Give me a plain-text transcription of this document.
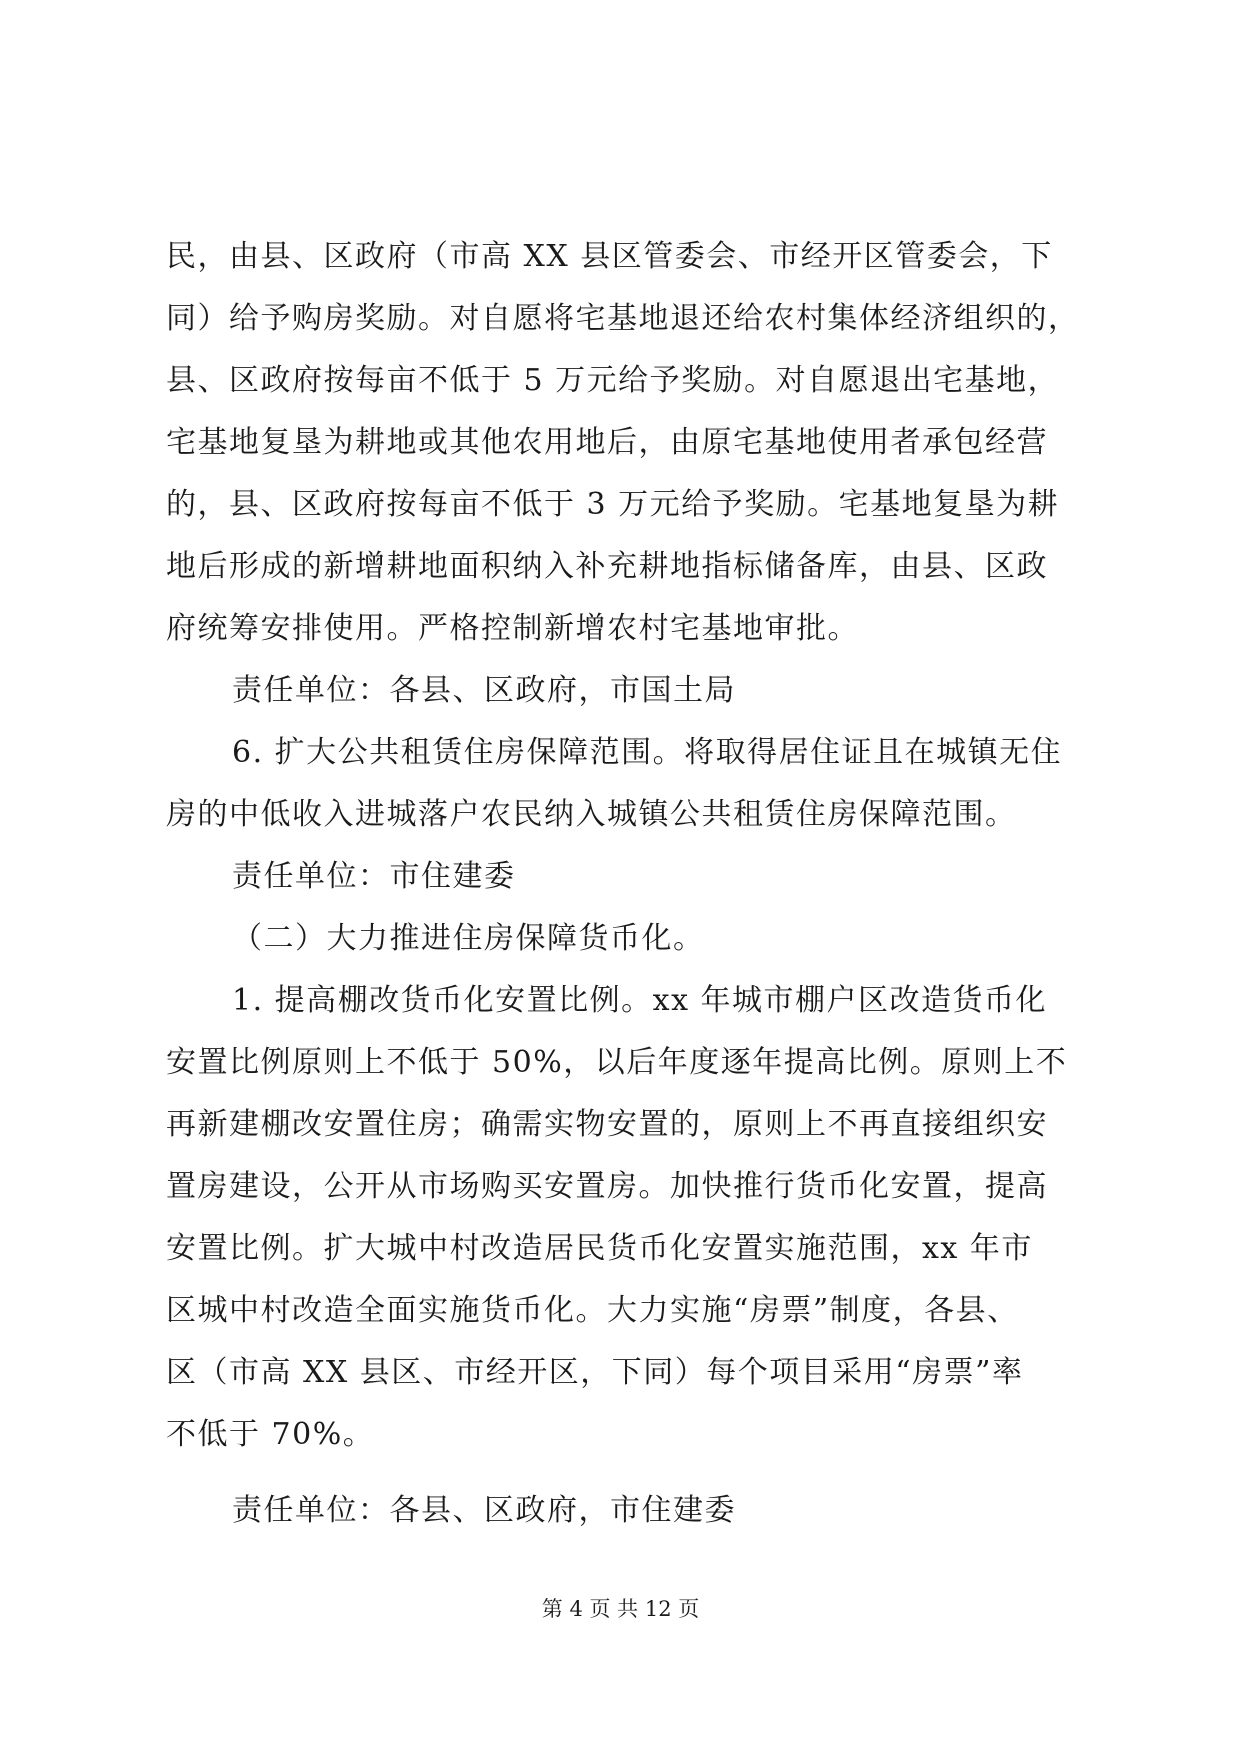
民，由县、区政府（市高 XX 县区管委会、市经开区管委会，下
同）给予购房奖励。对自愿将宅基地退还给农村集体经济组织的，
县、区政府按每亩不低于 5 万元给予奖励。对自愿退出宅基地，
宅基地复垦为耕地或其他农用地后，由原宅基地使用者承包经营
的，县、区政府按每亩不低于 3 万元给予奖励。宅基地复垦为耕
地后形成的新增耕地面积纳入补充耕地指标储备库，由县、区政
府统筹安排使用。严格控制新增农村宅基地审批。
责任单位：各县、区政府，市国土局
6. 扩大公共租赁住房保障范围。将取得居住证且在城镇无住
房的中低收入进城落户农民纳入城镇公共租赁住房保障范围。
责任单位：市住建委
（二）大力推进住房保障货币化。
1. 提高棚改货币化安置比例。xx 年城市棚户区改造货币化
安置比例原则上不低于 50%，以后年度逐年提高比例。原则上不
再新建棚改安置住房；确需实物安置的，原则上不再直接组织安
置房建设，公开从市场购买安置房。加快推行货币化安置，提高
安置比例。扩大城中村改造居民货币化安置实施范围，xx 年市
区城中村改造全面实施货币化。大力实施“房票”制度，各县、
区（市高 XX 县区、市经开区，下同）每个项目采用“房票”率
不低于 70%。
责任单位：各县、区政府，市住建委
第 4 页 共 12 页
